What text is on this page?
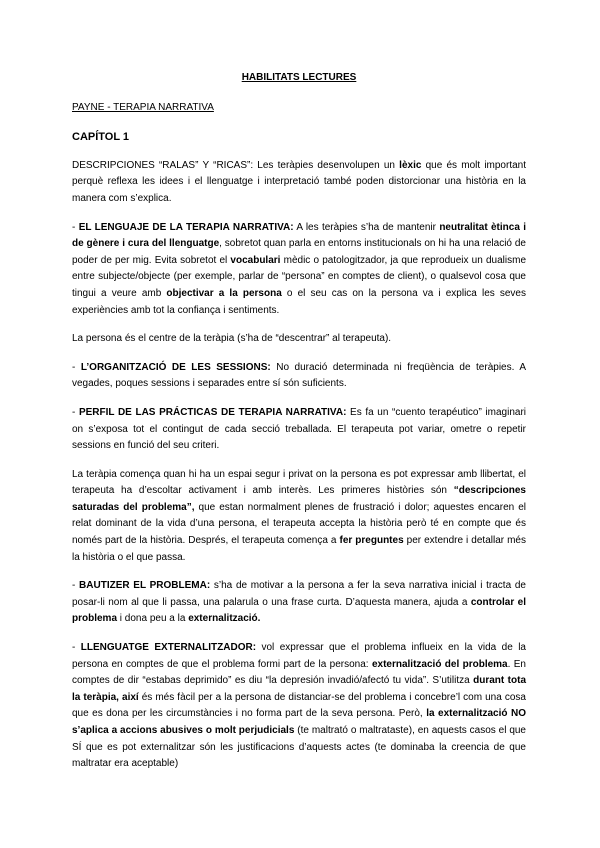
HABILITATS LECTURES
PAYNE - TERAPIA NARRATIVA
CAPÍTOL 1

DESCRIPCIONES “RALAS” Y “RICAS”: Les teràpies desenvolupen un lèxic que és molt important perquè reflexa les idees i el llenguatge i interpretació també poden distorcionar una història en la manera com s’explica.

- EL LENGUAJE DE LA TERAPIA NARRATIVA: A les teràpies s’ha de mantenir neutralitat ètinca i de gènere i cura del llenguatge, sobretot quan parla en entorns institucionals on hi ha una relació de poder de per mig. Evita sobretot el vocabulari mèdic o patologitzador, ja que reprodueix un dualisme entre subjecte/objecte (per exemple, parlar de “persona” en comptes de client), o qualsevol cosa que tingui a veure amb objectivar a la persona o el seu cas on la persona va i explica les seves experiències amb tot la confiança i sentiments.

La persona és el centre de la teràpia (s’ha de “descentrar” al terapeuta).

- L’ORGANITZACIÓ DE LES SESSIONS: No duració determinada ni freqüència de teràpies. A vegades, poques sessions i separades entre sí són suficients.

- PERFIL DE LAS PRÁCTICAS DE TERAPIA NARRATIVA: Es fa un “cuento terapéutico” imaginari on s’exposa tot el contingut de cada secció treballada. El terapeuta pot variar, ometre o repetir sessions en funció del seu criteri.

La teràpia comença quan hi ha un espai segur i privat on la persona es pot expressar amb llibertat, el terapeuta ha d’escoltar activament i amb interès. Les primeres històries són “descripciones saturadas del problema”, que estan normalment plenes de frustració i dolor; aquestes encaren el relat dominant de la vida d’una persona, el terapeuta accepta la història però té en compte que és només part de la història. Després, el terapeuta comença a fer preguntes per extendre i detallar més la història o el que passa.

- BAUTIZER EL PROBLEMA: s’ha de motivar a la persona a fer la seva narrativa inicial i tracta de posar-li nom al que li passa, una palarula o una frase curta. D’aquesta manera, ajuda a controlar el problema i dona peu a la externalització.

- LLENGUATGE EXTERNALITZADOR: vol expressar que el problema influeix en la vida de la persona en comptes de que el problema formi part de la persona: externalització del problema. En comptes de dir “estabas deprimido” es diu “la depresión invadió/afectó tu vida”. S’utilitza durant tota la teràpia, així és més fàcil per a la persona de distanciar-se del problema i concebre’l com una cosa que es dona per les circumstàncies i no forma part de la seva persona. Però, la externalització NO s’aplica a accions abusives o molt perjudicials (te maltrató o maltrataste), en aquests casos el que SÍ que es pot externalitzar són les justificacions d’aquests actes (te dominaba la creencia de que maltratar era aceptable)
